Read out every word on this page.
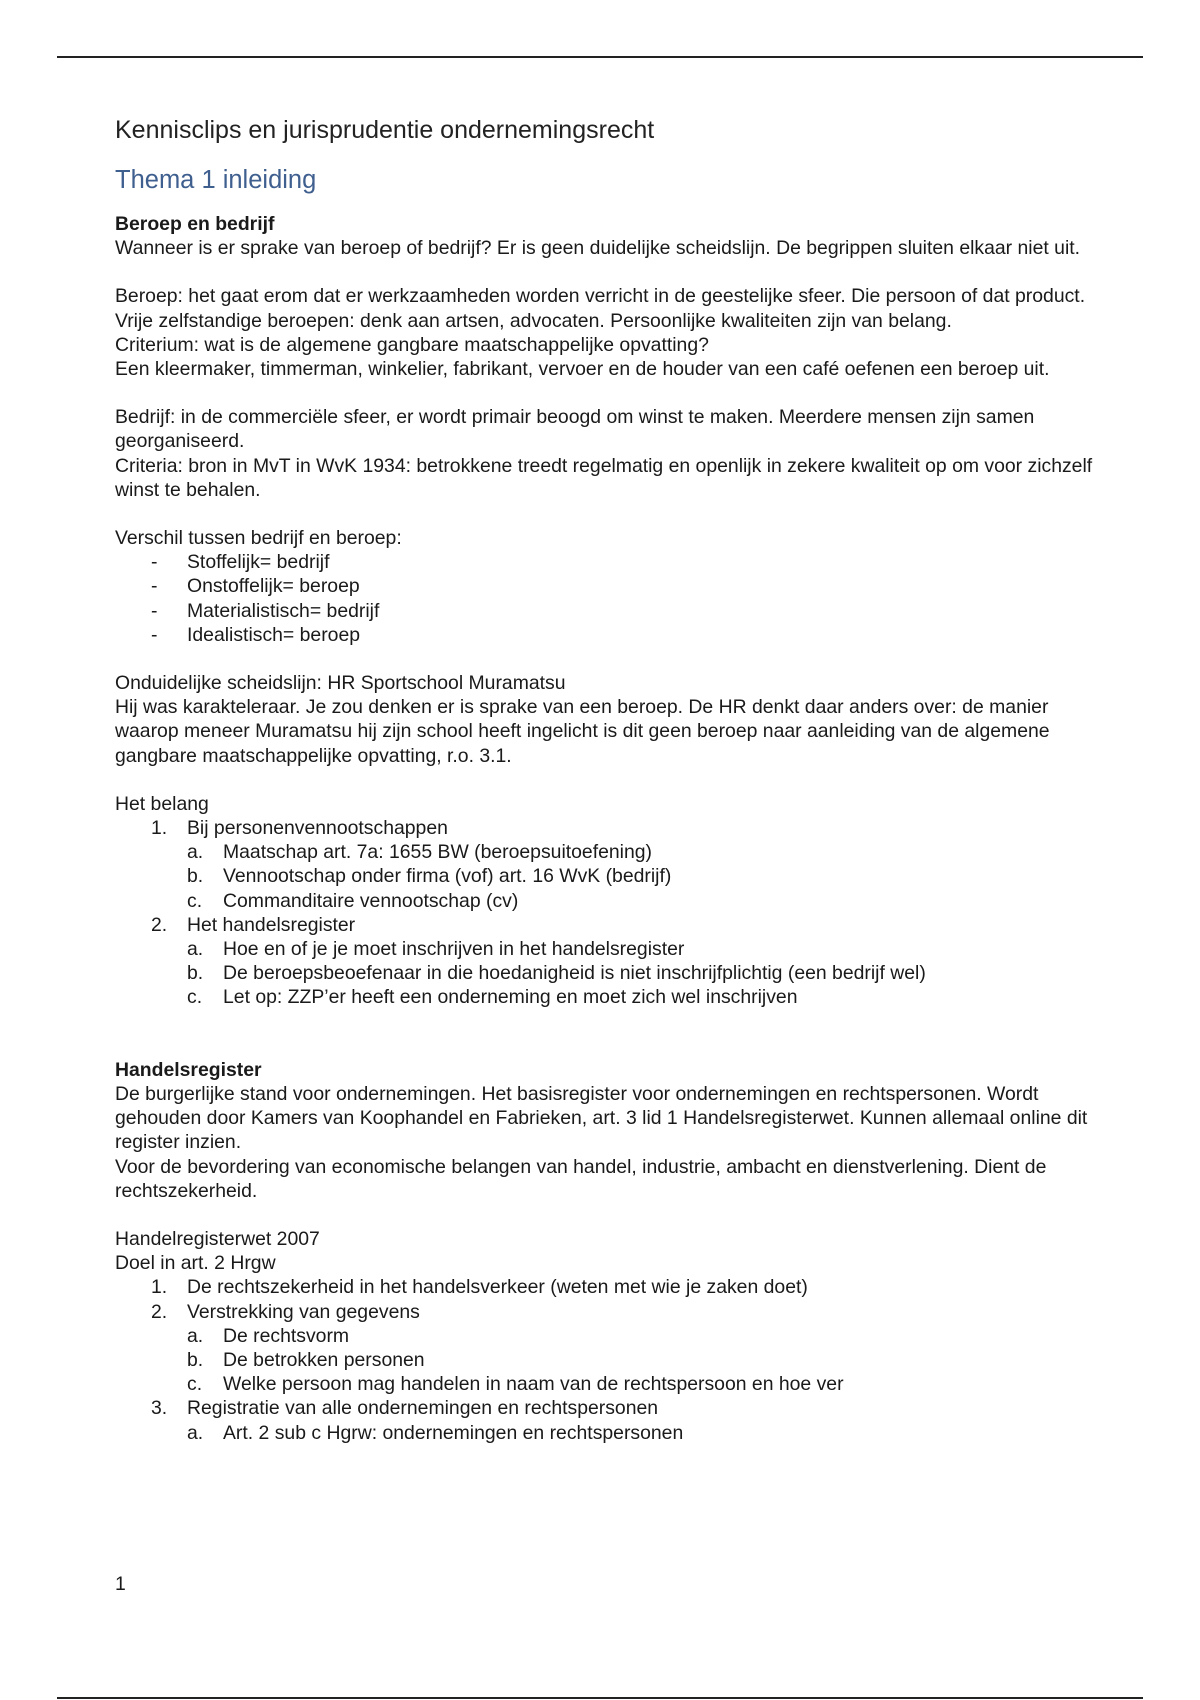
Kennisclips en jurisprudentie ondernemingsrecht
Thema 1 inleiding

Beroep en bedrijf

Wanneer is er sprake van beroep of bedrijf? Er is geen duidelijke scheidslijn. De begrippen sluiten elkaar niet uit.

Beroep: het gaat erom dat er werkzaamheden worden verricht in de geestelijke sfeer. Die persoon of dat product. Vrije zelfstandige beroepen: denk aan artsen, advocaten. Persoonlijke kwaliteiten zijn van belang.

Criterium: wat is de algemene gangbare maatschappelijke opvatting?

Een kleermaker, timmerman, winkelier, fabrikant, vervoer en de houder van een café oefenen een beroep uit.

Bedrijf: in de commerciële sfeer, er wordt primair beoogd om winst te maken. Meerdere mensen zijn samen georganiseerd.

Criteria: bron in MvT in WvK 1934: betrokkene treedt regelmatig en openlijk in zekere kwaliteit op om voor zichzelf winst te behalen.

Verschil tussen bedrijf en beroep:

- Stoffelijk= bedrijf
- Onstoffelijk= beroep
- Materialistisch= bedrijf
- Idealistisch= beroep

Onduidelijke scheidslijn: HR Sportschool Muramatsu

Hij was karakteleraar. Je zou denken er is sprake van een beroep. De HR denkt daar anders over: de manier waarop meneer Muramatsu hij zijn school heeft ingelicht is dit geen beroep naar aanleiding van de algemene gangbare maatschappelijke opvatting, r.o. 3.1.

Het belang

1. Bij personenvennootschappen
a. Maatschap art. 7a: 1655 BW (beroepsuitoefening)
b. Vennootschap onder firma (vof) art. 16 WvK (bedrijf)
c. Commanditaire vennootschap (cv)
2. Het handelsregister
a. Hoe en of je je moet inschrijven in het handelsregister
b. De beroepsbeoefenaar in die hoedanigheid is niet inschrijfplichtig (een bedrijf wel)
c. Let op: ZZP’er heeft een onderneming en moet zich wel inschrijven

Handelsregister

De burgerlijke stand voor ondernemingen. Het basisregister voor ondernemingen en rechtspersonen. Wordt gehouden door Kamers van Koophandel en Fabrieken, art. 3 lid 1 Handelsregisterwet. Kunnen allemaal online dit register inzien.

Voor de bevordering van economische belangen van handel, industrie, ambacht en dienstverlening. Dient de rechtszekerheid.

Handelregisterwet 2007

Doel in art. 2 Hrgw

1. De rechtszekerheid in het handelsverkeer (weten met wie je zaken doet)
2. Verstrekking van gegevens
a. De rechtsvorm
b. De betrokken personen
c. Welke persoon mag handelen in naam van de rechtspersoon en hoe ver
3. Registratie van alle ondernemingen en rechtspersonen
a. Art. 2 sub c Hgrw: ondernemingen en rechtspersonen
1
